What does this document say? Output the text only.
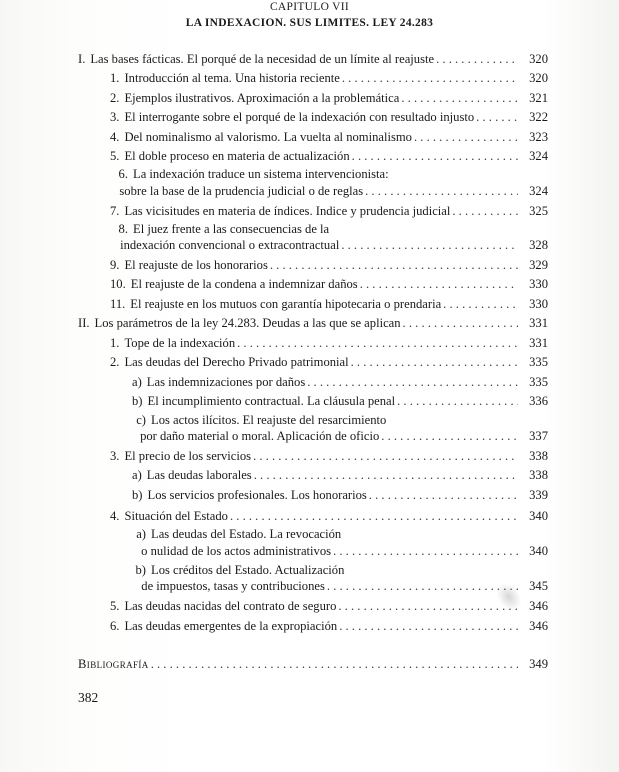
CAPITULO VII
LA INDEXACION. SUS LIMITES. LEY 24.283
I. Las bases fácticas. El porqué de la necesidad de un límite al reajuste . . .	320
1. Introducción al tema. Una historia reciente . . .	320
2. Ejemplos ilustrativos. Aproximación a la problemática . . .	321
3. El interrogante sobre el porqué de la indexación con resultado injusto . . .	322
4. Del nominalismo al valorismo. La vuelta al nominalismo . . .	323
5. El doble proceso en materia de actualización . . .	324
6. La indexación traduce un sistema intervencionista:
sobre la base de la prudencia judicial o de reglas . . .	324
7. Las vicisitudes en materia de índices. Indice y prudencia judicial . . .	325
8. El juez frente a las consecuencias de la
indexación convencional o extracontractual . . .	328
9. El reajuste de los honorarios . . .	329
10. El reajuste de la condena a indemnizar daños . . .	330
11. El reajuste en los mutuos con garantía hipotecaria o prendaria . . .	330
II. Los parámetros de la ley 24.283. Deudas a las que se aplican . . .	331
1. Tope de la indexación . . .	331
2. Las deudas del Derecho Privado patrimonial . . .	335
a) Las indemnizaciones por daños . . .	335
b) El incumplimiento contractual. La cláusula penal . . .	336
c) Los actos ilícitos. El reajuste del resarcimiento
por daño material o moral. Aplicación de oficio . . .	337
3. El precio de los servicios . . .	338
a) Las deudas laborales . . .	338
b) Los servicios profesionales. Los honorarios . . .	339
4. Situación del Estado . . .	340
a) Las deudas del Estado. La revocación
o nulidad de los actos administrativos . . .	340
b) Los créditos del Estado. Actualización
de impuestos, tasas y contribuciones . . .	345
5. Las deudas nacidas del contrato de seguro . . .	346
6. Las deudas emergentes de la expropiación . . .	346
Bibliografía . . .	349
382
